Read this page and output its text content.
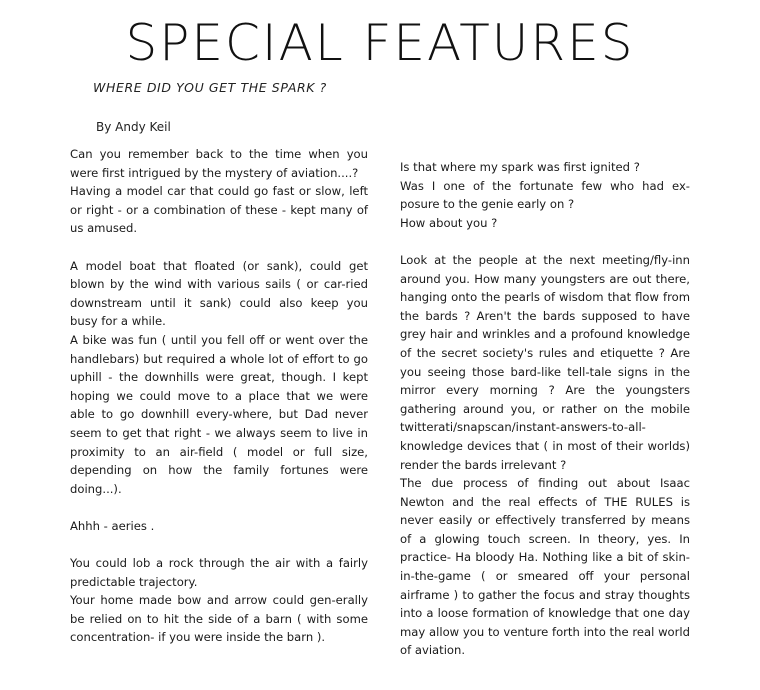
SPECIAL FEATURES
WHERE DID YOU GET THE SPARK ?
By Andy Keil

Can you remember back to the time when you were first intrigued by the mystery of aviation....?

Having a model car that could go fast or slow, left or right - or a combination of these - kept many of us amused.

A model boat that floated (or sank), could get blown by the wind with various sails ( or car-ried downstream until it sank) could also keep you busy for a while.

A bike was fun ( until you fell off or went over the handlebars) but required a whole lot of effort to go uphill - the downhills were great, though. I kept hoping we could move to a place that we were able to go downhill every-where, but Dad never seem to get that right - we always seem to live in proximity to an air-field ( model or full size, depending on how the family fortunes were doing...).

Ahhh - aeries .

You could lob a rock through the air with a fairly predictable trajectory.

Your home made bow and arrow could gen-erally be relied on to hit the side of a barn ( with some concentration- if you were inside the barn ).

Is that where my spark was first ignited ?

Was I one of the fortunate few who had ex-posure to the genie early on ?

How about you ?

Look at the people at the next meeting/fly-inn around you. How many youngsters are out there, hanging onto the pearls of wisdom that flow from the bards ? Aren't the bards supposed to have grey hair and wrinkles and a profound knowledge of the secret society's rules and etiquette ? Are you seeing those bard-like tell-tale signs in the mirror every morning ? Are the youngsters gathering around you, or rather on the mobile twitterati/snapscan/instant-answers-to-all-knowledge devices that ( in most of their worlds) render the bards irrelevant ?

The due process of finding out about Isaac Newton and the real effects of THE RULES is never easily or effectively transferred by means of a glowing touch screen. In theory, yes. In practice- Ha bloody Ha. Nothing like a bit of skin-in-the-game ( or smeared off your personal airframe ) to gather the focus and stray thoughts into a loose formation of knowledge that one day may allow you to venture forth into the real world of aviation.
